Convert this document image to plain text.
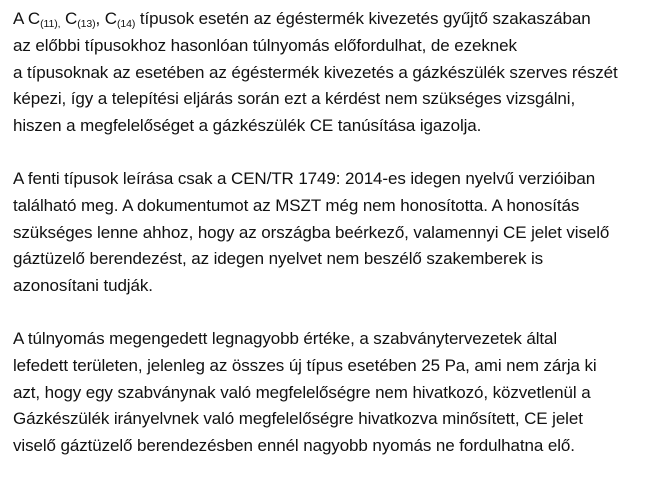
A $C_{(11),}$ $C_{(13)}$, $C_{(14)}$ típusok esetén az égéstermék kivezetés gyűjtő szakaszában
az előbbi típusokhoz hasonlóan túlnyomás előfordulhat, de ezeknek
a típusoknak az esetében az égéstermék kivezetés a gázkészülék szerves részét
képezi, így a telepítési eljárás során ezt a kérdést nem szükséges vizsgálni,
hiszen a megfelelőséget a gázkészülék CE tanúsítása igazolja.

A fenti típusok leírása csak a CEN/TR 1749: 2014-es idegen nyelvű verzióiban
található meg. A dokumentumot az MSZT még nem honosította. A honosítás
szükséges lenne ahhoz, hogy az országba beérkező, valamennyi CE jelet viselő
gáztüzelő berendezést, az idegen nyelvet nem beszélő szakemberek is
azonosítani tudják.

A túlnyomás megengedett legnagyobb értéke, a szabványtervezetek által
lefedett területen, jelenleg az összes új típus esetében 25 Pa, ami nem zárja ki
azt, hogy egy szabványnak való megfelelőségre nem hivatkozó, közvetlenül a
Gázkészülék irányelvnek való megfelelőségre hivatkozva minősített, CE jelet
viselő gáztüzelő berendezésben ennél nagyobb nyomás ne fordulhatna elő.
